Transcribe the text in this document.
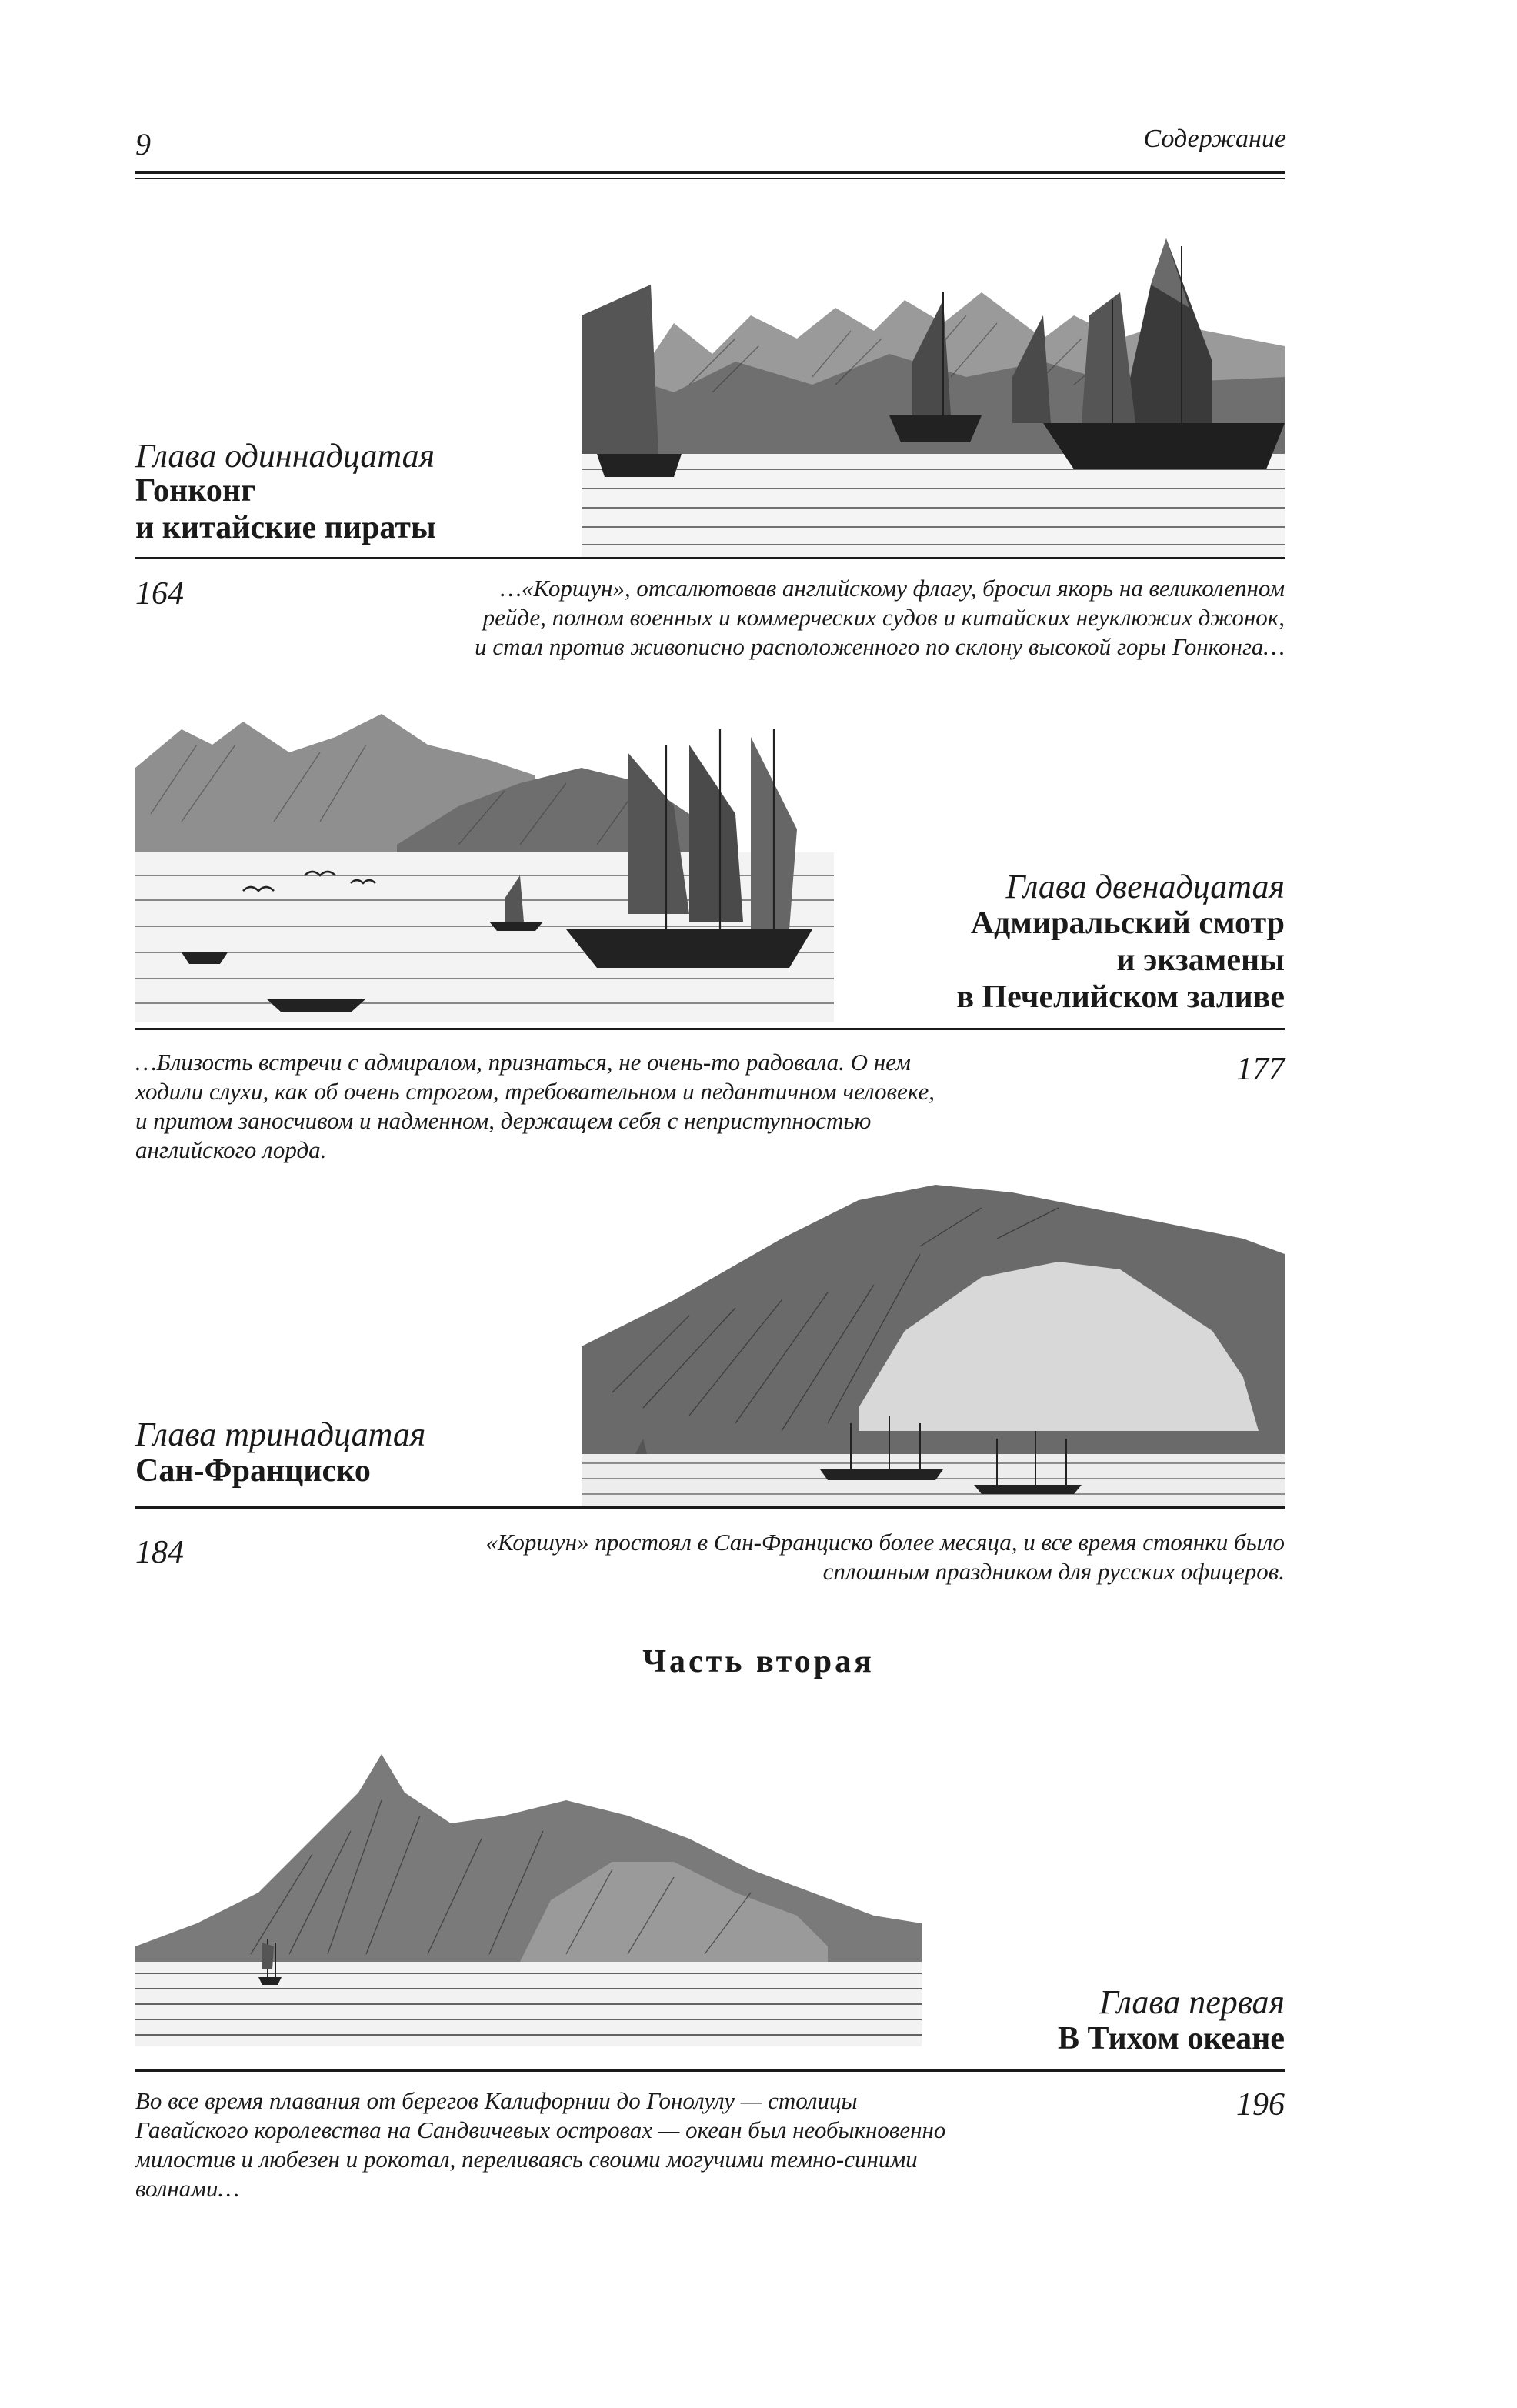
9	Содержание
Глава одиннадцатая
Гонконг
и китайские пираты
164	…«Коршун», отсалютовав английскому флагу, бросил якорь на великолепном
рейде, полном военных и коммерческих судов и китайских неуклюжих джонок,
и стал против живописно расположенного по склону высокой горы Гонконга…
Глава двенадцатая
Адмиральский смотр
и экзамены
в Печелийском заливе
…Близость встречи с адмиралом, признаться, не очень-то радовала. О нем
ходили слухи, как об очень строгом, требовательном и педантичном человеке,
и притом заносчивом и надменном, держащем себя с неприступностью
английского лорда.
177
Глава тринадцатая
Сан-Франциско
184	«Коршун» простоял в Сан-Франциско более месяца, и все время стоянки было
сплошным праздником для русских офицеров.
Часть вторая
Глава первая
В Тихом океане
Во все время плавания от берегов Калифорнии до Гонолулу — столицы
Гавайского королевства на Сандвичевых островах — океан был необыкновенно
милостив и любезен и рокотал, переливаясь своими могучими темно-синими
волнами…
196
